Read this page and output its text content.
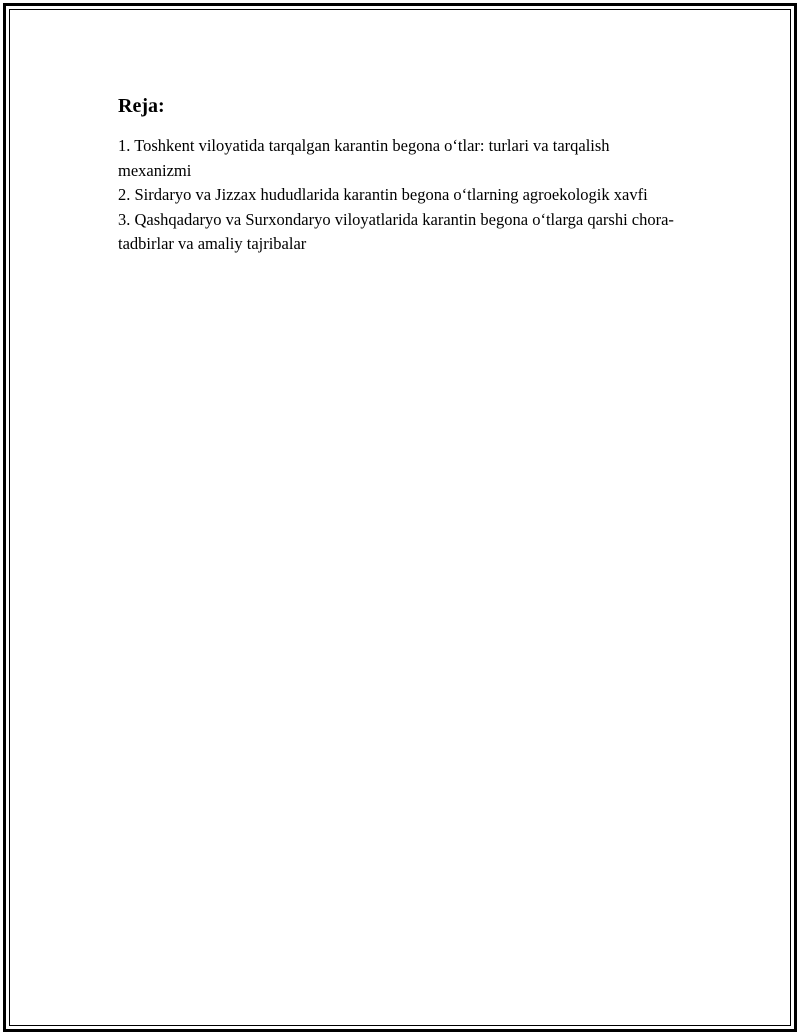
Reja:
1. Toshkent viloyatida tarqalgan karantin begona o‘tlar: turlari va tarqalish mexanizmi
2. Sirdaryo va Jizzax hududlarida karantin begona o‘tlarning agroekologik xavfi
3. Qashqadaryo va Surxondaryo viloyatlarida karantin begona o‘tlarga qarshi chora-tadbirlar va amaliy tajribalar
